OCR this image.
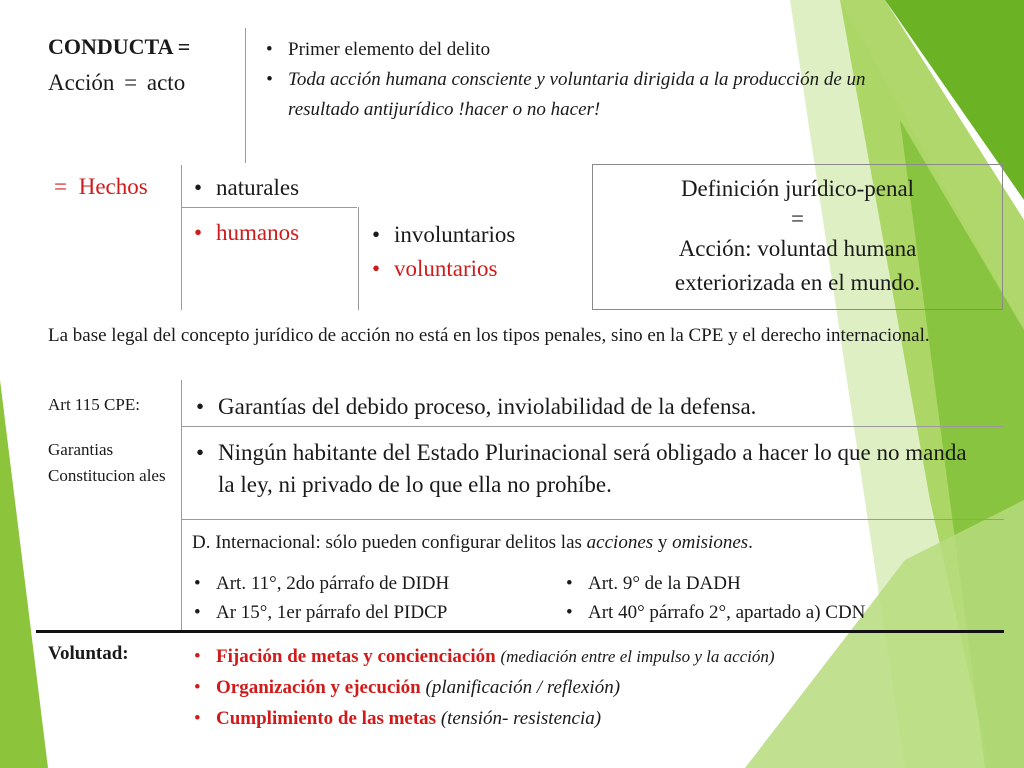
CONDUCTA =
Acción = acto
• Primer elemento del delito
• Toda acción humana consciente y voluntaria dirigida a la producción de un resultado antijurídico !hacer o no hacer!
= Hechos	• naturales
• humanos	• involuntarios
• voluntarios
Definición jurídico-penal
=
Acción: voluntad humana exteriorizada en el mundo.
La base legal del concepto jurídico de acción no está en los tipos penales, sino en la CPE y el derecho internacional.
Art 115 CPE:	• Garantías del debido proceso, inviolabilidad de la defensa.
Garantias Constitucion ales
• Ningún habitante del Estado Plurinacional será obligado a hacer lo que no manda la ley, ni privado de lo que ella no prohíbe.
D. Internacional: sólo pueden configurar delitos las acciones y omisiones.
• Art. 11°, 2do párrafo de DIDH
• Ar 15°, 1er párrafo del PIDCP
• Art. 9° de la DADH
• Art 40° párrafo 2°, apartado a) CDN
Voluntad:	• Fijación de metas y concienciación (mediación entre el impulso y la acción)
• Organización y ejecución (planificación / reflexión)
• Cumplimiento de las metas (tensión- resistencia)
